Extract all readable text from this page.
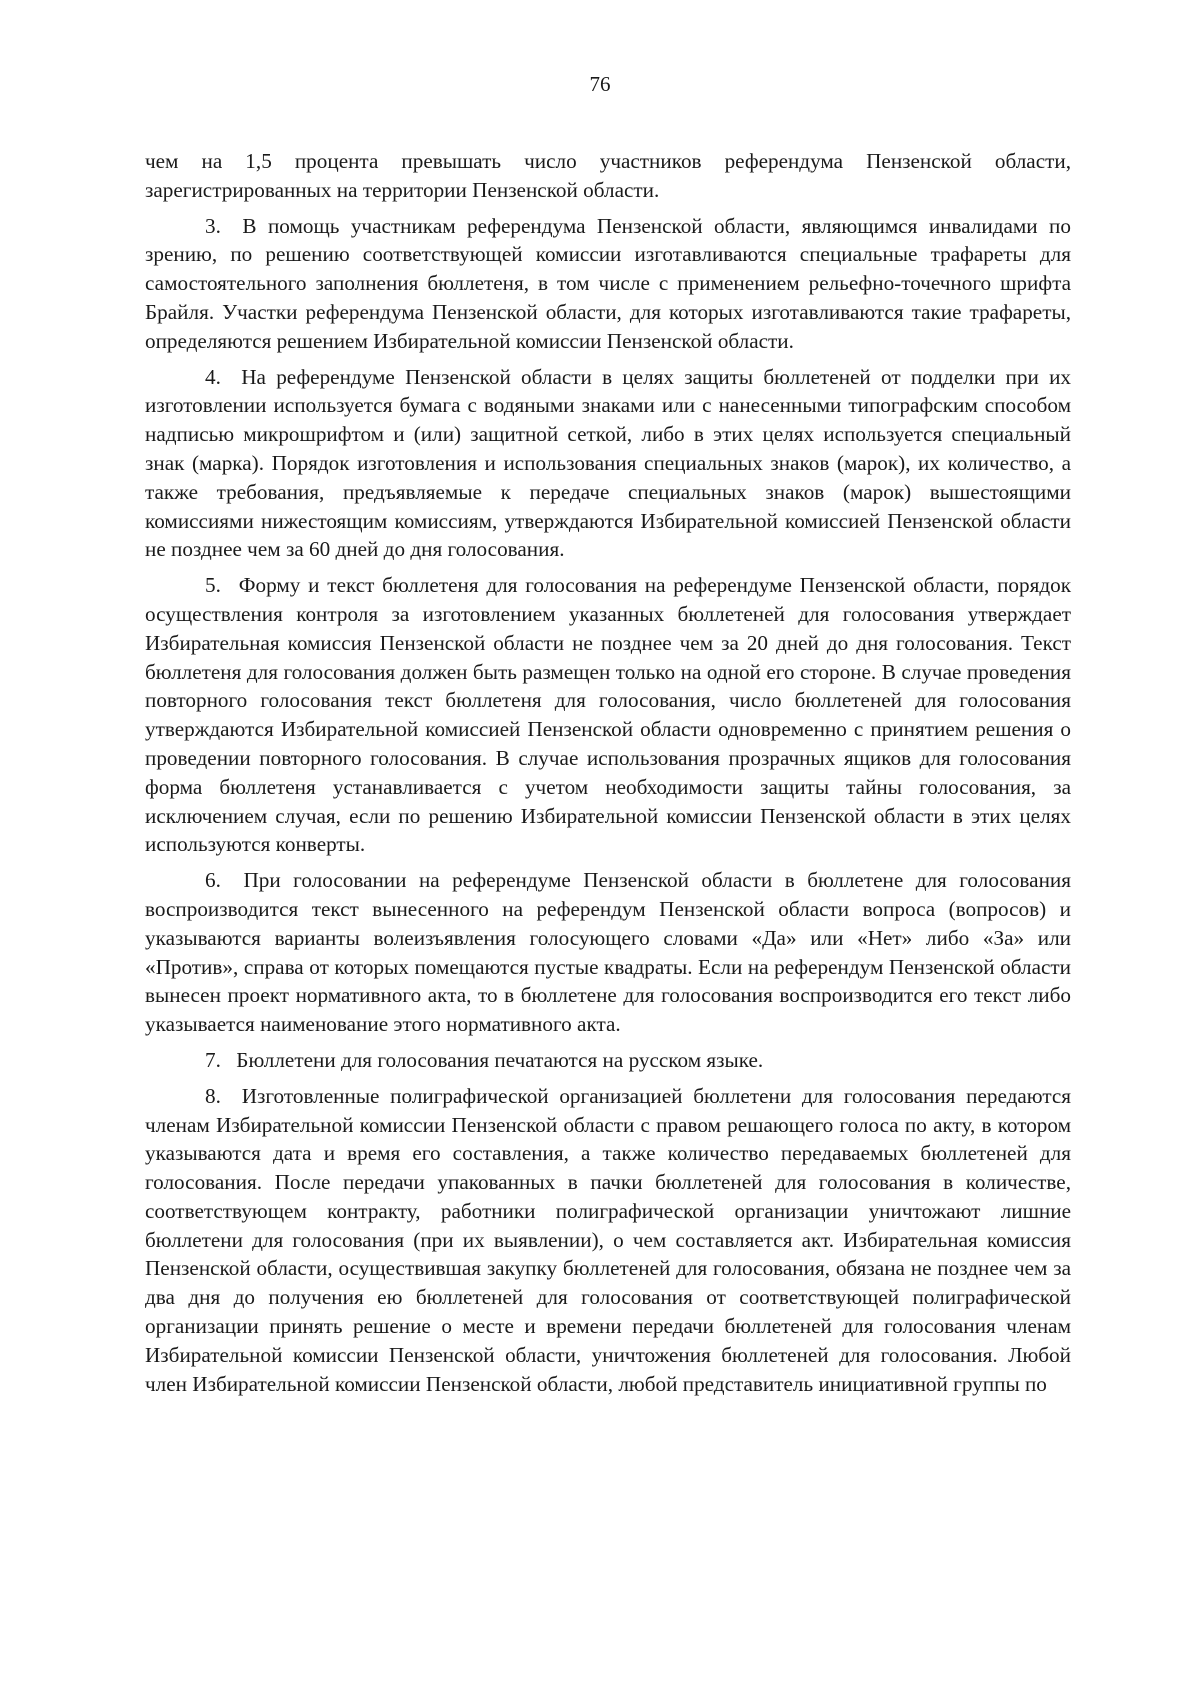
76

чем на 1,5 процента превышать число участников референдума Пензенской области, зарегистрированных на территории Пензенской области.

3. В помощь участникам референдума Пензенской области, являющимся инвалидами по зрению, по решению соответствующей комиссии изготавливаются специальные трафареты для самостоятельного заполнения бюллетеня, в том числе с применением рельефно-точечного шрифта Брайля. Участки референдума Пензенской области, для которых изготавливаются такие трафареты, определяются решением Избирательной комиссии Пензенской области.

4. На референдуме Пензенской области в целях защиты бюллетеней от подделки при их изготовлении используется бумага с водяными знаками или с нанесенными типографским способом надписью микрошрифтом и (или) защитной сеткой, либо в этих целях используется специальный знак (марка). Порядок изготовления и использования специальных знаков (марок), их количество, а также требования, предъявляемые к передаче специальных знаков (марок) вышестоящими комиссиями нижестоящим комиссиям, утверждаются Избирательной комиссией Пензенской области не позднее чем за 60 дней до дня голосования.

5. Форму и текст бюллетеня для голосования на референдуме Пензенской области, порядок осуществления контроля за изготовлением указанных бюллетеней для голосования утверждает Избирательная комиссия Пензенской области не позднее чем за 20 дней до дня голосования. Текст бюллетеня для голосования должен быть размещен только на одной его стороне. В случае проведения повторного голосования текст бюллетеня для голосования, число бюллетеней для голосования утверждаются Избирательной комиссией Пензенской области одновременно с принятием решения о проведении повторного голосования. В случае использования прозрачных ящиков для голосования форма бюллетеня устанавливается с учетом необходимости защиты тайны голосования, за исключением случая, если по решению Избирательной комиссии Пензенской области в этих целях используются конверты.

6. При голосовании на референдуме Пензенской области в бюллетене для голосования воспроизводится текст вынесенного на референдум Пензенской области вопроса (вопросов) и указываются варианты волеизъявления голосующего словами «Да» или «Нет» либо «За» или «Против», справа от которых помещаются пустые квадраты. Если на референдум Пензенской области вынесен проект нормативного акта, то в бюллетене для голосования воспроизводится его текст либо указывается наименование этого нормативного акта.

7. Бюллетени для голосования печатаются на русском языке.

8. Изготовленные полиграфической организацией бюллетени для голосования передаются членам Избирательной комиссии Пензенской области с правом решающего голоса по акту, в котором указываются дата и время его составления, а также количество передаваемых бюллетеней для голосования. После передачи упакованных в пачки бюллетеней для голосования в количестве, соответствующем контракту, работники полиграфической организации уничтожают лишние бюллетени для голосования (при их выявлении), о чем составляется акт. Избирательная комиссия Пензенской области, осуществившая закупку бюллетеней для голосования, обязана не позднее чем за два дня до получения ею бюллетеней для голосования от соответствующей полиграфической организации принять решение о месте и времени передачи бюллетеней для голосования членам Избирательной комиссии Пензенской области, уничтожения бюллетеней для голосования. Любой член Избирательной комиссии Пензенской области, любой представитель инициативной группы по
